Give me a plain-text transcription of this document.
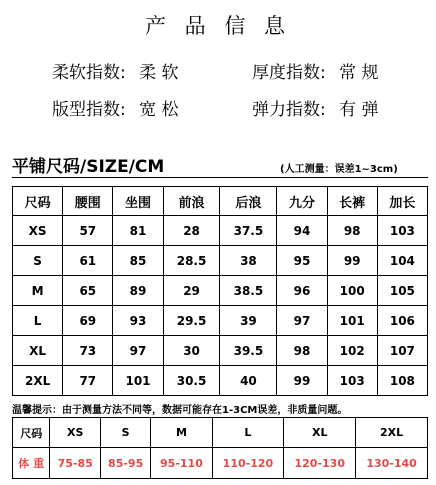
产 品 信 息
柔软指数: 柔 软	厚度指数: 常 规
版型指数: 宽 松	弹力指数: 有 弹
平铺尺码/SIZE/CM	(人工测量：误差1~3cm)
尺码	腰围	坐围	前浪	后浪	九分	长裤	加长
XS	57	81	28	37.5	94	98	103
S	61	85	28.5	38	95	99	104
M	65	89	29	38.5	96	100	105
L	69	93	29.5	39	97	101	106
XL	73	97	30	39.5	98	102	107
2XL	77	101	30.5	40	99	103	108
温馨提示：由于测量方法不同等，数据可能存在1-3CM误差，非质量问题。
尺码	XS	S	M	L	XL	2XL
体 重	75-85	85-95	95-110	110-120	120-130	130-140
